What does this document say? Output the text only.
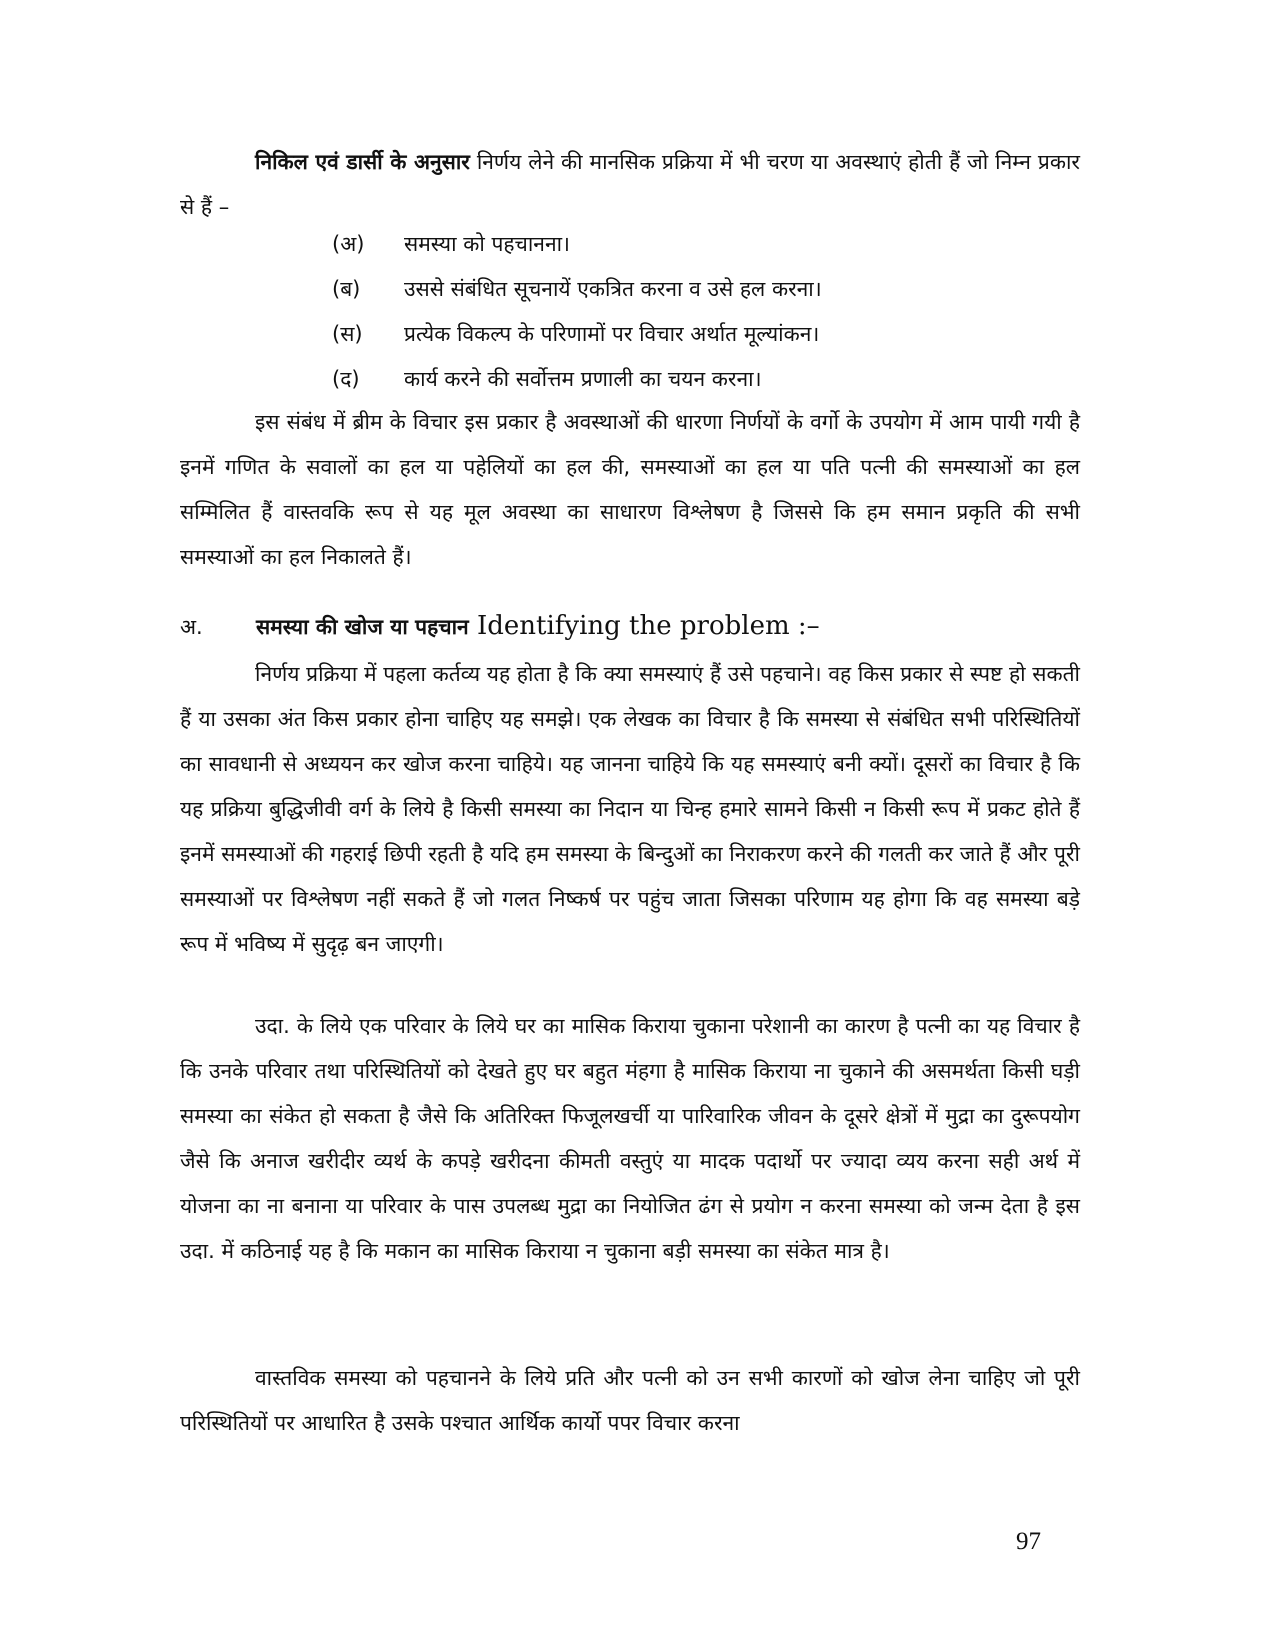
निकिल एवं डार्सी के अनुसार निर्णय लेने की मानसिक प्रक्रिया में भी चरण या अवस्थाएं होती हैं जो निम्न प्रकार से हैं –

(अ) समस्या को पहचानना।
(ब) उससे संबंधित सूचनायें एकत्रित करना व उसे हल करना।
(स) प्रत्येक विकल्प के परिणामों पर विचार अर्थात मूल्यांकन।
(द) कार्य करने की सर्वोत्तम प्रणाली का चयन करना।

इस संबंध में ब्रीम के विचार इस प्रकार है अवस्थाओं की धारणा निर्णयों के वर्गो के उपयोग में आम पायी गयी है इनमें गणित के सवालों का हल या पहेलियों का हल की, समस्याओं का हल या पति पत्नी की समस्याओं का हल सम्मिलित हैं वास्तवकि रूप से यह मूल अवस्था का साधारण विश्लेषण है जिससे कि हम समान प्रकृति की सभी समस्याओं का हल निकालते हैं।

अ.	समस्या की खोज या पहचान Identifying the problem :–

निर्णय प्रक्रिया में पहला कर्तव्य यह होता है कि क्या समस्याएं हैं उसे पहचाने। वह किस प्रकार से स्पष्ट हो सकती हैं या उसका अंत किस प्रकार होना चाहिए यह समझे। एक लेखक का विचार है कि समस्या से संबंधित सभी परिस्थितियों का सावधानी से अध्ययन कर खोज करना चाहिये। यह जानना चाहिये कि यह समस्याएं बनी क्यों। दूसरों का विचार है कि यह प्रक्रिया बुद्धिजीवी वर्ग के लिये है किसी समस्या का निदान या चिन्ह हमारे सामने किसी न किसी रूप में प्रकट होते हैं इनमें समस्याओं की गहराई छिपी रहती है यदि हम समस्या के बिन्दुओं का निराकरण करने की गलती कर जाते हैं और पूरी समस्याओं पर विश्लेषण नहीं सकते हैं जो गलत निष्कर्ष पर पहुंच जाता जिसका परिणाम यह होगा कि वह समस्या बड़े रूप में भविष्य में सुदृढ़ बन जाएगी।

उदा. के लिये एक परिवार के लिये घर का मासिक किराया चुकाना परेशानी का कारण है पत्नी का यह विचार है कि उनके परिवार तथा परिस्थितियों को देखते हुए घर बहुत मंहगा है मासिक किराया ना चुकाने की असमर्थता किसी घड़ी समस्या का संकेत हो सकता है जैसे कि अतिरिक्त फिजूलखर्ची या पारिवारिक जीवन के दूसरे क्षेत्रों में मुद्रा का दुरूपयोग जैसे कि अनाज खरीदीर व्यर्थ के कपड़े खरीदना कीमती वस्तुएं या मादक पदार्थो पर ज्यादा व्यय करना सही अर्थ में योजना का ना बनाना या परिवार के पास उपलब्ध मुद्रा का नियोजित ढंग से प्रयोग न करना समस्या को जन्म देता है इस उदा. में कठिनाई यह है कि मकान का मासिक किराया न चुकाना बड़ी समस्या का संकेत मात्र है।

वास्तविक समस्या को पहचानने के लिये प्रति और पत्नी को उन सभी कारणों को खोज लेना चाहिए जो पूरी परिस्थितियों पर आधारित है उसके पश्चात आर्थिक कार्यो पपर विचार करना

97
